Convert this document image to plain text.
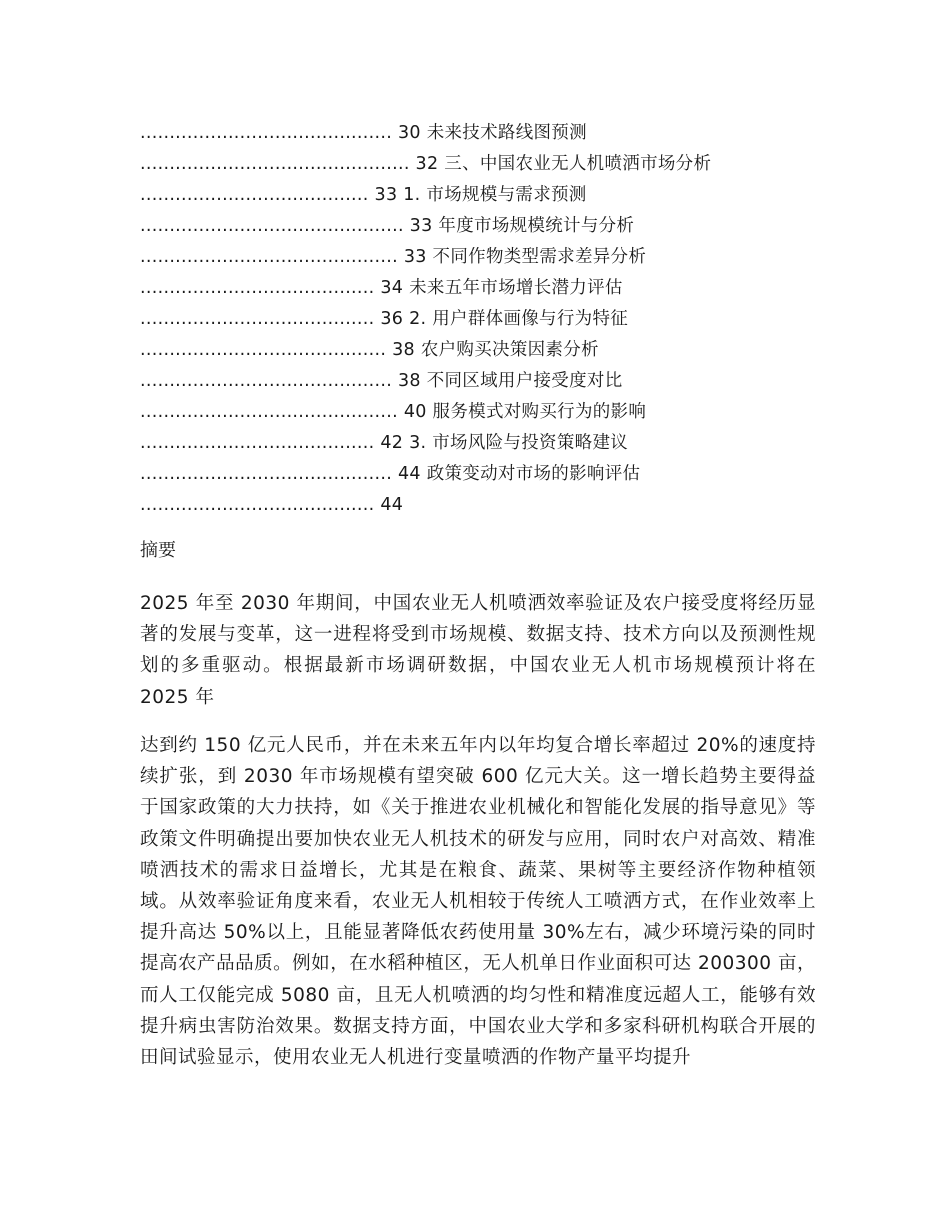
........................................... 30 未来技术路线图预测
.............................................. 32 三、中国农业无人机喷洒市场分析
....................................... 33 1. 市场规模与需求预测
............................................. 33 年度市场规模统计与分析
............................................ 33 不同作物类型需求差异分析
........................................ 34 未来五年市场增长潜力评估
........................................ 36 2. 用户群体画像与行为特征
.......................................... 38 农户购买决策因素分析
........................................... 38 不同区域用户接受度对比
............................................ 40 服务模式对购买行为的影响
........................................ 42 3. 市场风险与投资策略建议
........................................... 44 政策变动对市场的影响评估
........................................ 44
摘要

2025 年至 2030 年期间，中国农业无人机喷洒效率验证及农户接受度将经历显著的发展与变革，这一进程将受到市场规模、数据支持、技术方向以及预测性规划的多重驱动。根据最新市场调研数据，中国农业无人机市场规模预计将在 2025 年

达到约 150 亿元人民币，并在未来五年内以年均复合增长率超过 20%的速度持续扩张，到 2030 年市场规模有望突破 600 亿元大关。这一增长趋势主要得益于国家政策的大力扶持，如《关于推进农业机械化和智能化发展的指导意见》等政策文件明确提出要加快农业无人机技术的研发与应用，同时农户对高效、精准喷洒技术的需求日益增长，尤其是在粮食、蔬菜、果树等主要经济作物种植领域。从效率验证角度来看，农业无人机相较于传统人工喷洒方式，在作业效率上提升高达 50%以上，且能显著降低农药使用量 30%左右，减少环境污染的同时提高农产品品质。例如，在水稻种植区，无人机单日作业面积可达 200300 亩，而人工仅能完成 5080 亩，且无人机喷洒的均匀性和精准度远超人工，能够有效提升病虫害防治效果。数据支持方面，中国农业大学和多家科研机构联合开展的田间试验显示，使用农业无人机进行变量喷洒的作物产量平均提升
